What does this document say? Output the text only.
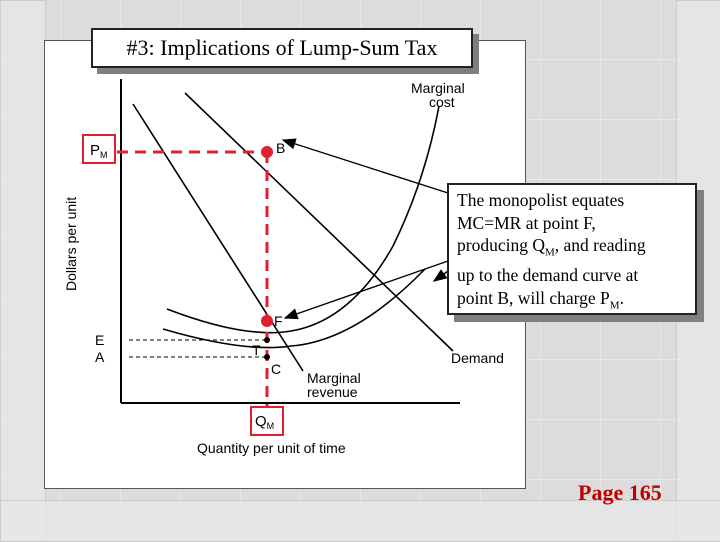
$P_M$
$Q_M$
B
F
T
C
E
A
Marginal
cost
Demand
Marginal
revenue
Quantity per unit of time
Dollars per unit
#3: Implications of Lump-Sum Tax
The monopolist equates
MC=MR at point F,
producing $Q_M$, and reading
up to the demand curve at
point B, will charge $P_M$.
Page 165
